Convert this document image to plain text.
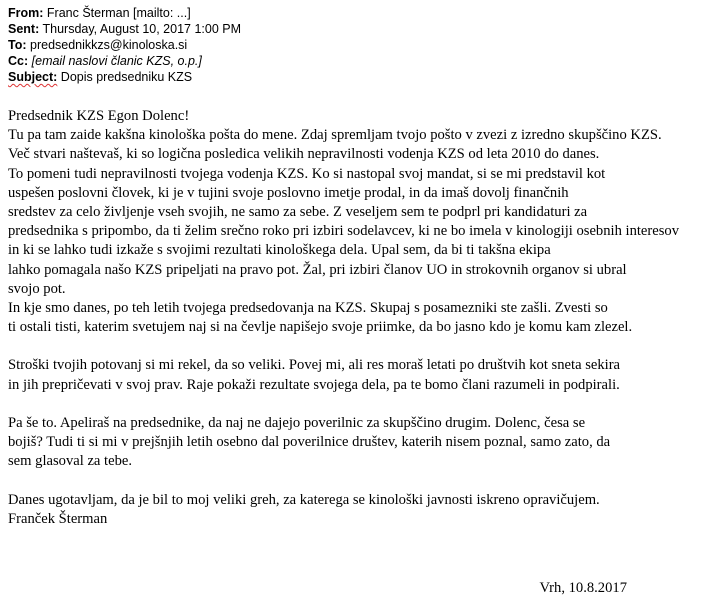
From: Franc Šterman [mailto: ...]
Sent: Thursday, August 10, 2017 1:00 PM
To: predsednikkzs@kinoloska.si
Cc: [email naslovi članic KZS, o.p.]
Subject: Dopis predsedniku KZS
Predsednik KZS Egon Dolenc!
Tu pa tam zaide kakšna kinološka pošta do mene. Zdaj spremljam tvojo pošto v zvezi z izredno skupščino KZS.
Več stvari naštevaš, ki so logična posledica velikih nepravilnosti vodenja KZS od leta 2010 do danes.
To pomeni tudi nepravilnosti tvojega vodenja KZS. Ko si nastopal svoj mandat, si se mi predstavil kot
uspešen poslovni človek, ki je v tujini svoje poslovno imetje prodal, in da imaš dovolj finančnih
sredstev za celo življenje vseh svojih, ne samo za sebe. Z veseljem sem te podprl pri kandidaturi za
predsednika s pripombo, da ti želim srečno roko pri izbiri sodelavcev, ki ne bo imela v kinologiji osebnih interesov
in ki se lahko tudi izkaže s svojimi rezultati kinološkega dela. Upal sem, da bi ti takšna ekipa
lahko pomagala našo KZS pripeljati na pravo pot. Žal, pri izbiri članov UO in strokovnih organov si ubral
svojo pot.
In kje smo danes, po teh letih tvojega predsedovanja na KZS. Skupaj s posamezniki ste zašli. Zvesti so
ti ostali tisti, katerim svetujem naj si na čevlje napišejo svoje priimke, da bo jasno kdo je komu kam zlezel.
Stroški tvojih potovanj si mi rekel, da so veliki. Povej mi, ali res moraš letati po društvih kot sneta sekira
in jih prepričevati v svoj prav. Raje pokaži rezultate svojega dela, pa te bomo člani razumeli in podpirali.
Pa še to. Apeliraš na predsednike, da naj ne dajejo poverilnic za skupščino drugim. Dolenc, česa se
bojiš? Tudi ti si mi v prejšnjih letih osebno dal poverilnice društev, katerih nisem poznal, samo zato, da
sem glasoval za tebe.
Danes ugotavljam, da je bil to moj veliki greh, za katerega se kinološki javnosti iskreno opravičujem.
Franček Šterman
Vrh, 10.8.2017
